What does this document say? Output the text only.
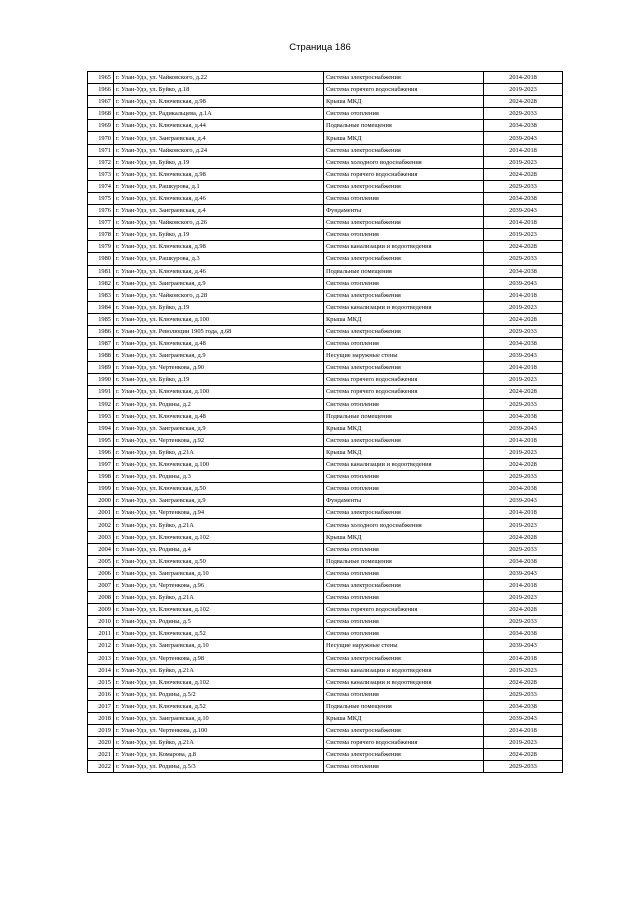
Страница 186
1965	г. Улан-Удэ, ул. Чайковского, д.22	Система электроснабжения	2014-2018
1966	г. Улан-Удэ, ул. Буйко, д.18	Система горячего водоснабжения	2019-2023
1967	г. Улан-Удэ, ул. Ключевская, д.98	Крыша МКД	2024-2028
1968	г. Улан-Удэ, ул. Радикальцева, д.1А	Система отопления	2029-2033
1969	г. Улан-Удэ, ул. Ключевская, д.44	Подвальные помещения	2034-2038
1970	г. Улан-Удэ, ул. Заиграевская, д.4	Крыша МКД	2039-2043
1971	г. Улан-Удэ, ул. Чайковского, д.24	Система электроснабжения	2014-2018
1972	г. Улан-Удэ, ул. Буйко, д.19	Система холодного водоснабжения	2019-2023
1973	г. Улан-Удэ, ул. Ключевская, д.98	Система горячего водоснабжения	2024-2028
1974	г. Улан-Удэ, ул. Рашкурова, д.1	Система электроснабжения	2029-2033
1975	г. Улан-Удэ, ул. Ключевская, д.46	Система отопления	2034-2038
1976	г. Улан-Удэ, ул. Заиграевская, д.4	Фундаменты	2039-2043
1977	г. Улан-Удэ, ул. Чайковского, д.26	Система электроснабжения	2014-2018
1978	г. Улан-Удэ, ул. Буйко, д.19	Система отопления	2019-2023
1979	г. Улан-Удэ, ул. Ключевская, д.98	Система канализации и водоотведения	2024-2028
1980	г. Улан-Удэ, ул. Рашкурова, д.3	Система электроснабжения	2029-2033
1981	г. Улан-Удэ, ул. Ключевская, д.46	Подвальные помещения	2034-2038
1982	г. Улан-Удэ, ул. Заиграевская, д.9	Система отопления	2039-2043
1983	г. Улан-Удэ, ул. Чайковского, д.28	Система электроснабжения	2014-2018
1984	г. Улан-Удэ, ул. Буйко, д.19	Система канализации и водоотведения	2019-2023
1985	г. Улан-Удэ, ул. Ключевская, д.100	Крыша МКД	2024-2028
1986	г. Улан-Удэ, ул. Революции 1905 года, д.68	Система электроснабжения	2029-2033
1987	г. Улан-Удэ, ул. Ключевская, д.48	Система отопления	2034-2038
1988	г. Улан-Удэ, ул. Заиграевская, д.9	Несущие наружные стены	2039-2043
1989	г. Улан-Удэ, ул. Чертенкова, д.90	Система электроснабжения	2014-2018
1990	г. Улан-Удэ, ул. Буйко, д.19	Система горячего водоснабжения	2019-2023
1991	г. Улан-Удэ, ул. Ключевская, д.100	Система горячего водоснабжения	2024-2028
1992	г. Улан-Удэ, ул. Родины, д.2	Система отопления	2029-2033
1993	г. Улан-Удэ, ул. Ключевская, д.48	Подвальные помещения	2034-2038
1994	г. Улан-Удэ, ул. Заиграевская, д.9	Крыша МКД	2039-2043
1995	г. Улан-Удэ, ул. Чертенкова, д.92	Система электроснабжения	2014-2018
1996	г. Улан-Удэ, ул. Буйко, д.21А	Крыша МКД	2019-2023
1997	г. Улан-Удэ, ул. Ключевская, д.100	Система канализации и водоотведения	2024-2028
1998	г. Улан-Удэ, ул. Родины, д.3	Система отопления	2029-2033
1999	г. Улан-Удэ, ул. Ключевская, д.50	Система отопления	2034-2038
2000	г. Улан-Удэ, ул. Заиграевская, д.9	Фундаменты	2039-2043
2001	г. Улан-Удэ, ул. Чертенкова, д.94	Система электроснабжения	2014-2018
2002	г. Улан-Удэ, ул. Буйко, д.21А	Система холодного водоснабжения	2019-2023
2003	г. Улан-Удэ, ул. Ключевская, д.102	Крыша МКД	2024-2028
2004	г. Улан-Удэ, ул. Родины, д.4	Система отопления	2029-2033
2005	г. Улан-Удэ, ул. Ключевская, д.50	Подвальные помещения	2034-2038
2006	г. Улан-Удэ, ул. Заиграевская, д.10	Система отопления	2039-2043
2007	г. Улан-Удэ, ул. Чертенкова, д.96	Система электроснабжения	2014-2018
2008	г. Улан-Удэ, ул. Буйко, д.21А	Система отопления	2019-2023
2009	г. Улан-Удэ, ул. Ключевская, д.102	Система горячего водоснабжения	2024-2028
2010	г. Улан-Удэ, ул. Родины, д.5	Система отопления	2029-2033
2011	г. Улан-Удэ, ул. Ключевская, д.52	Система отопления	2034-2038
2012	г. Улан-Удэ, ул. Заиграевская, д.10	Несущие наружные стены	2039-2043
2013	г. Улан-Удэ, ул. Чертенкова, д.98	Система электроснабжения	2014-2018
2014	г. Улан-Удэ, ул. Буйко, д.21А	Система канализации и водоотведения	2019-2023
2015	г. Улан-Удэ, ул. Ключевская, д.102	Система канализации и водоотведения	2024-2028
2016	г. Улан-Удэ, ул. Родины, д.5/2	Система отопления	2029-2033
2017	г. Улан-Удэ, ул. Ключевская, д.52	Подвальные помещения	2034-2038
2018	г. Улан-Удэ, ул. Заиграевская, д.10	Крыша МКД	2039-2043
2019	г. Улан-Удэ, ул. Чертенкова, д.100	Система электроснабжения	2014-2018
2020	г. Улан-Удэ, ул. Буйко, д.21А	Система горячего водоснабжения	2019-2023
2021	г. Улан-Удэ, ул. Комарова, д.8	Система электроснабжения	2024-2028
2022	г. Улан-Удэ, ул. Родины, д.5/3	Система отопления	2029-2033
